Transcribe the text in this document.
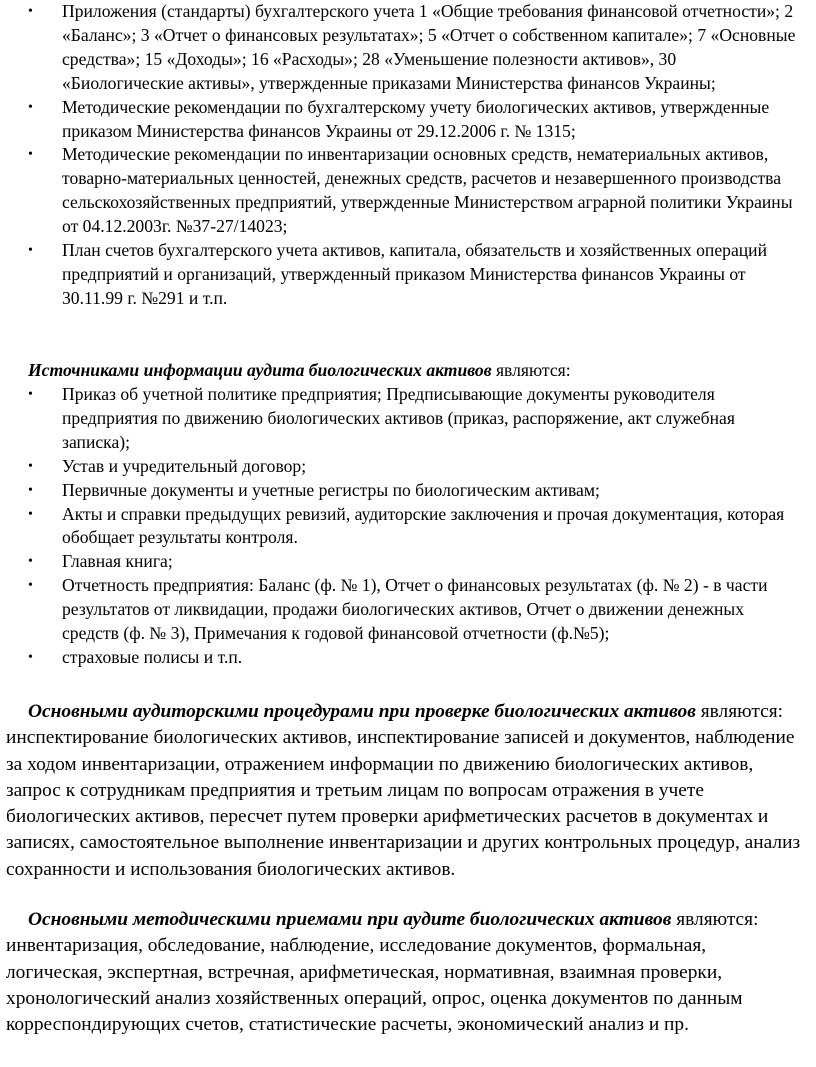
• Приложения (стандарты) бухгалтерского учета 1 «Общие требования финансовой отчетности»; 2 «Баланс»; 3 «Отчет о финансовых результатах»; 5 «Отчет о собственном капитале»; 7 «Основные средства»; 15 «Доходы»; 16 «Расходы»; 28 «Уменьшение полезности активов», 30 «Биологические активы», утвержденные приказами Министерства финансов Украины;
• Методические рекомендации по бухгалтерскому учету биологических активов, утвержденные приказом Министерства финансов Украины от 29.12.2006 г. № 1315;
• Методические рекомендации по инвентаризации основных средств, нематериальных активов, товарно-материальных ценностей, денежных средств, расчетов и незавершенного производства сельскохозяйственных предприятий, утвержденные Министерством аграрной политики Украины от 04.12.2003г. №37-27/14023;
• План счетов бухгалтерского учета активов, капитала, обязательств и хозяйственных операций предприятий и организаций, утвержденный приказом Министерства финансов Украины от 30.11.99 г. №291 и т.п.
Источниками информации аудита биологических активов являются:
• Приказ об учетной политике предприятия; Предписывающие документы руководителя предприятия по движению биологических активов (приказ, распоряжение, акт служебная записка);
• Устав и учредительный договор;
• Первичные документы и учетные регистры по биологическим активам;
• Акты и справки предыдущих ревизий, аудиторские заключения и прочая документация, которая обобщает результаты контроля.
• Главная книга;
• Отчетность предприятия: Баланс (ф. № 1), Отчет о финансовых результатах (ф. № 2) - в части результатов от ликвидации, продажи биологических активов, Отчет о движении денежных средств (ф. № 3), Примечания к годовой финансовой отчетности (ф.№5);
• страховые полисы и т.п.

Основными аудиторскими процедурами при проверке биологических активов являются: инспектирование биологических активов, инспектирование записей и документов, наблюдение за ходом инвентаризации, отражением информации по движению биологических активов, запрос к сотрудникам предприятия и третьим лицам по вопросам отражения в учете биологических активов, пересчет путем проверки арифметических расчетов в документах и записях, самостоятельное выполнение инвентаризации и других контрольных процедур, анализ сохранности и использования биологических активов.

Основными методическими приемами при аудите биологических активов являются: инвентаризация, обследование, наблюдение, исследование документов, формальная, логическая, экспертная, встречная, арифметическая, нормативная, взаимная проверки, хронологический анализ хозяйственных операций, опрос, оценка документов по данным корреспондирующих счетов, статистические расчеты, экономический анализ и пр.
